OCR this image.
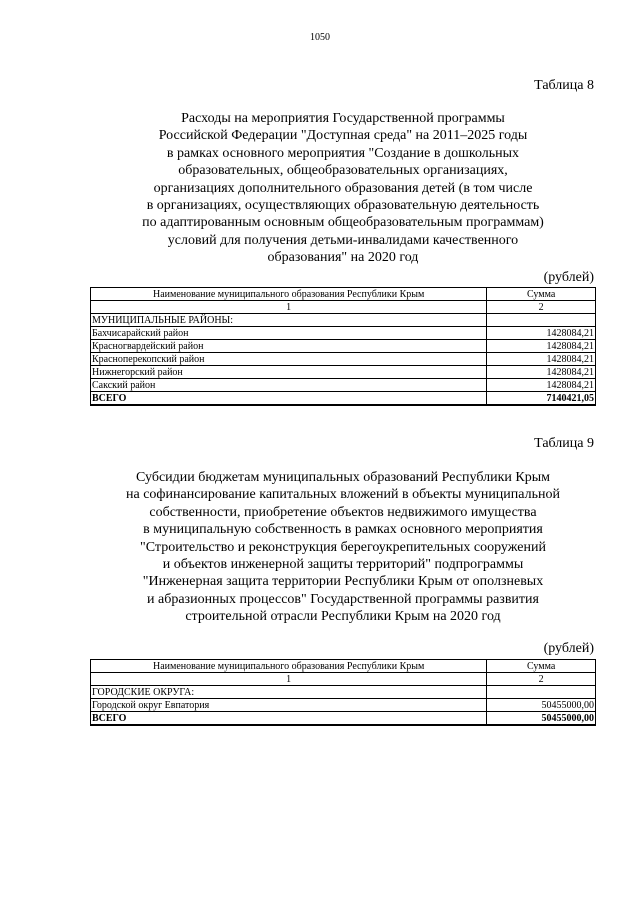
1050
Таблица 8
Расходы на мероприятия Государственной программы
Российской Федерации "Доступная среда" на 2011–2025 годы
в рамках основного мероприятия "Создание в дошкольных
образовательных, общеобразовательных организациях,
организациях дополнительного образования детей (в том числе
в организациях, осуществляющих образовательную деятельность
по адаптированным основным общеобразовательным программам)
условий для получения детьми-инвалидами качественного
образования" на 2020 год
(рублей)
Наименование муниципального образования Республики Крым	Сумма
1	2
МУНИЦИПАЛЬНЫЕ РАЙОНЫ:	
Бахчисарайский район	1428084,21
Красногвардейский район	1428084,21
Красноперекопский район	1428084,21
Нижнегорский район	1428084,21
Сакский район	1428084,21
ВСЕГО	7140421,05
Таблица 9
Субсидии бюджетам муниципальных образований Республики Крым
на софинансирование капитальных вложений в объекты муниципальной
собственности, приобретение объектов недвижимого имущества
в муниципальную собственность в рамках основного мероприятия
"Строительство и реконструкция берегоукрепительных сооружений
и объектов инженерной защиты территорий" подпрограммы
"Инженерная защита территории Республики Крым от оползневых
и абразионных процессов" Государственной программы развития
строительной отрасли Республики Крым на 2020 год
(рублей)
Наименование муниципального образования Республики Крым	Сумма
1	2
ГОРОДСКИЕ ОКРУГА:	
Городской округ Евпатория	50455000,00
ВСЕГО	50455000,00
